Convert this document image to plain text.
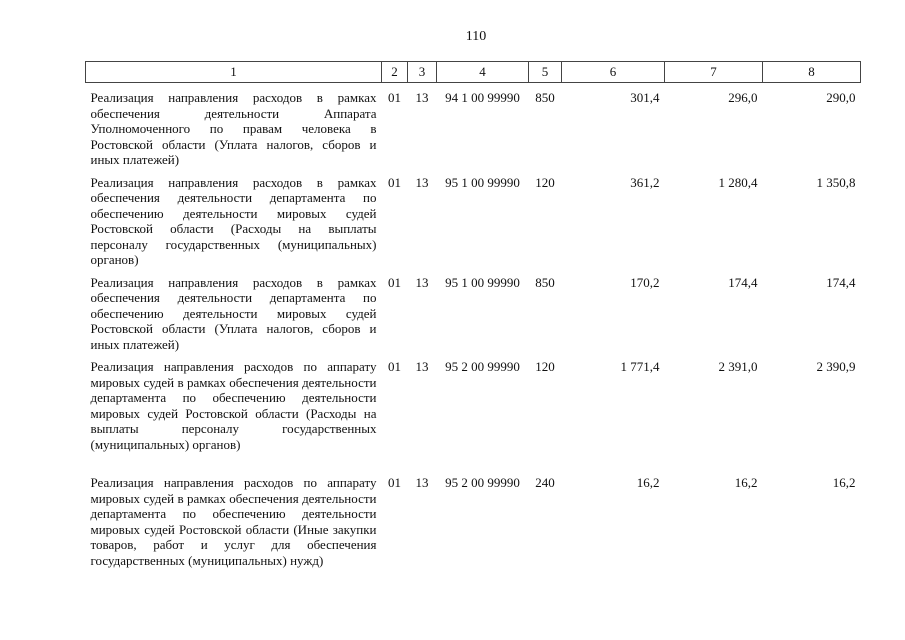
110
1	2	3	4	5	6	7	8
Реализация направления расходов в рамках обеспечения деятельности Аппарата Уполномоченного по правам человека в Ростовской области (Уплата налогов, сборов и иных платежей)	01	13	94 1 00 99990	850	301,4	296,0	290,0
Реализация направления расходов в рамках обеспечения деятельности департамента по обеспечению деятельности мировых судей Ростовской области (Расходы на выплаты персоналу государственных (муниципальных) органов)	01	13	95 1 00 99990	120	361,2	1 280,4	1 350,8
Реализация направления расходов в рамках обеспечения деятельности департамента по обеспечению деятельности мировых судей Ростовской области (Уплата налогов, сборов и иных платежей)	01	13	95 1 00 99990	850	170,2	174,4	174,4
Реализация направления расходов по аппарату мировых судей в рамках обеспечения деятельности департамента по обеспечению деятельности мировых судей Ростовской области (Расходы на выплаты персоналу государственных (муниципальных) органов)	01	13	95 2 00 99990	120	1 771,4	2 391,0	2 390,9
Реализация направления расходов по аппарату мировых судей в рамках обеспечения деятельности департамента по обеспечению деятельности мировых судей Ростовской области (Иные закупки товаров, работ и услуг для обеспечения государственных (муниципальных) нужд)	01	13	95 2 00 99990	240	16,2	16,2	16,2
